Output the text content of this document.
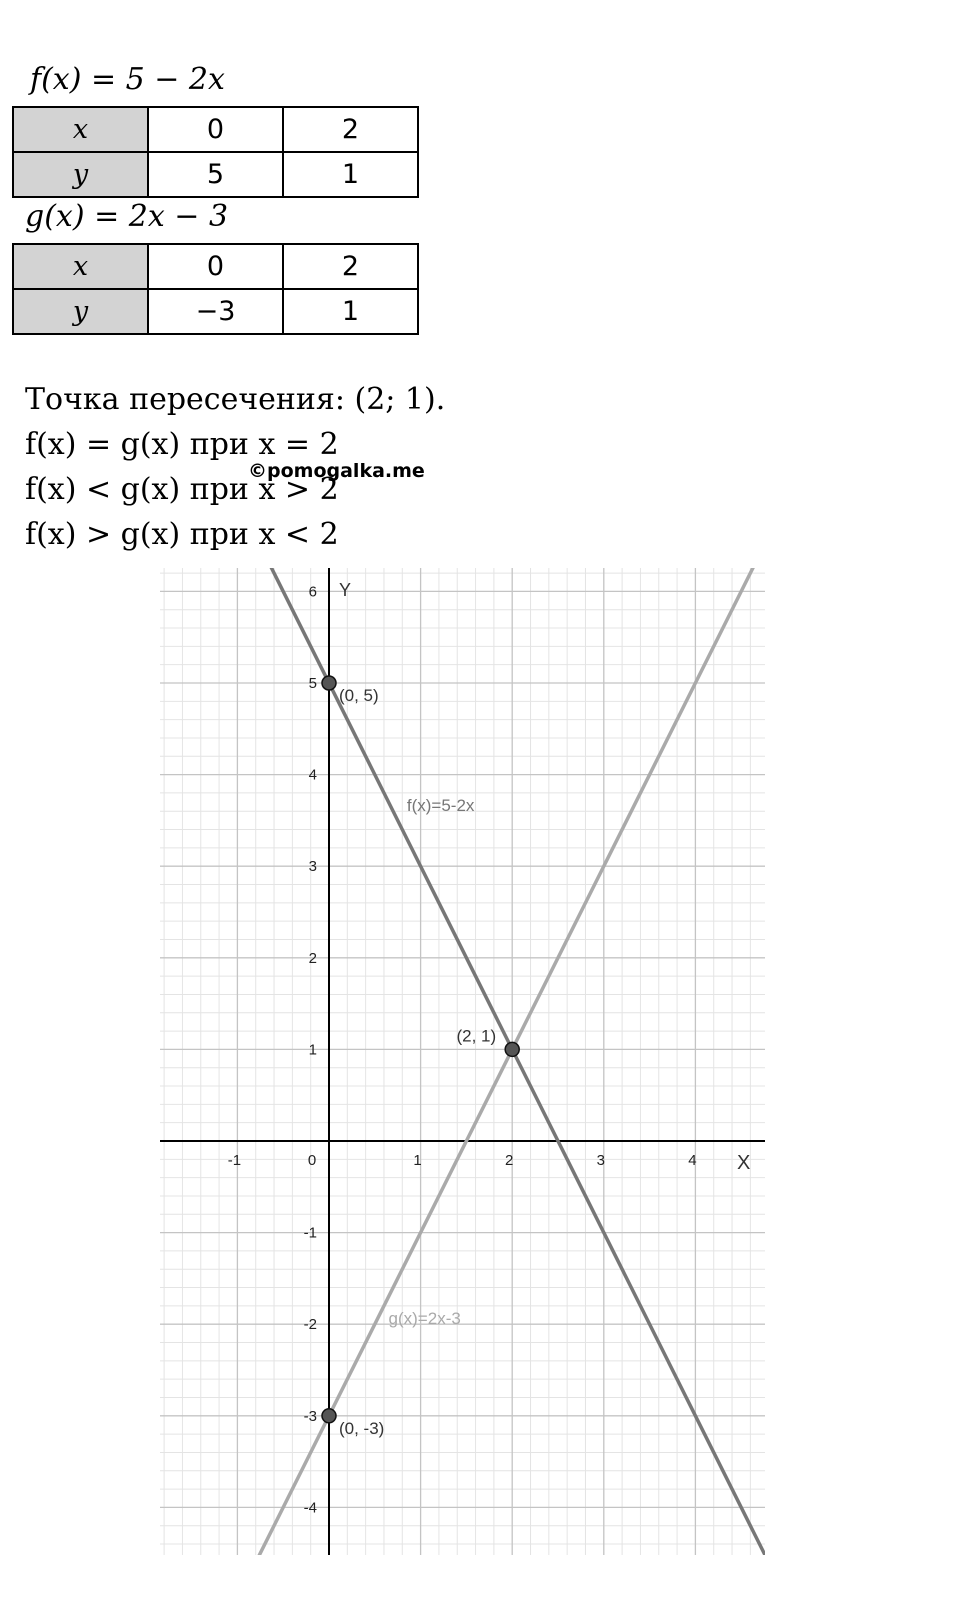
f(x) = 5 − 2x
x	0	2
y	5	1
g(x) = 2x − 3
x	0	2
y	−3	1
Точка пересечения: (2; 1).
f(x) = g(x) при x = 2
f(x) < g(x) при x > 2
f(x) > g(x) при x < 2
©pomogalka.me
-1	0	1	2	3	4
-4
-3
-2
-1
1
2
3
4
5
6
X
Y
f(x)=5-2x
g(x)=2x-3
(0, 5)
(2, 1)
(0, -3)
